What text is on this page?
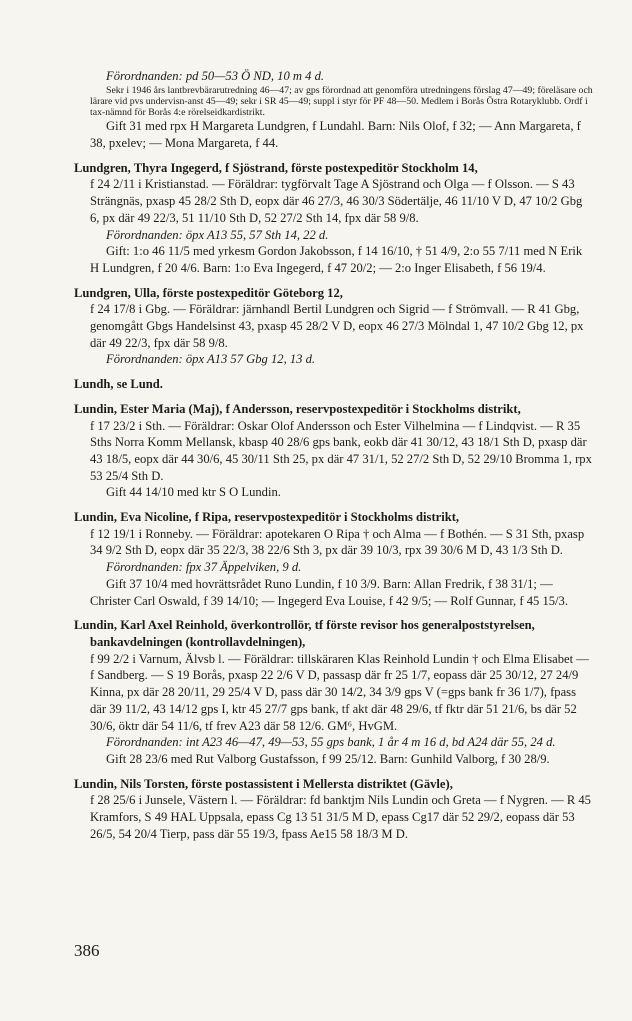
Förordnanden: pd 50—53 Ö ND, 10 m 4 d.
Sekr i 1946 års lantbrevbärarutredning 46—47; av gps förordnad att genomföra utredningens förslag 47—49; föreläsare och lärare vid pvs undervisn-anst 45—49; sekr i SR 45—49; suppl i styr för PF 48—50. Medlem i Borås Östra Rotaryklubb. Ordf i tax-nämnd för Borås 4:e rörelseidkardistrikt.
Gift 31 med rpx H Margareta Lundgren, f Lundahl. Barn: Nils Olof, f 32; — Ann Margareta, f 38, pxelev; — Mona Margareta, f 44.
Lundgren, Thyra Ingegerd, f Sjöstrand, förste postexpeditör Stockholm 14,
f 24 2/11 i Kristianstad. — Föräldrar: tygförvalt Tage A Sjöstrand och Olga — f Olsson. — S 43 Strängnäs, pxasp 45 28/2 Sth D, eopx där 46 27/3, 46 30/3 Södertälje, 46 11/10 V D, 47 10/2 Gbg 6, px där 49 22/3, 51 11/10 Sth D, 52 27/2 Sth 14, fpx där 58 9/8.
Förordnanden: öpx A13 55, 57 Sth 14, 22 d.
Gift: 1:o 46 11/5 med yrkesm Gordon Jakobsson, f 14 16/10, † 51 4/9, 2:o 55 7/11 med N Erik H Lundgren, f 20 4/6. Barn: 1:o Eva Ingegerd, f 47 20/2; — 2:o Inger Elisabeth, f 56 19/4.
Lundgren, Ulla, förste postexpeditör Göteborg 12,
f 24 17/8 i Gbg. — Föräldrar: järnhandl Bertil Lundgren och Sigrid — f Strömvall. — R 41 Gbg, genomgått Gbgs Handelsinst 43, pxasp 45 28/2 V D, eopx 46 27/3 Mölndal 1, 47 10/2 Gbg 12, px där 49 22/3, fpx där 58 9/8.
Förordnanden: öpx A13 57 Gbg 12, 13 d.
Lundh, se Lund.
Lundin, Ester Maria (Maj), f Andersson, reservpostexpeditör i Stockholms distrikt,
f 17 23/2 i Sth. — Föräldrar: Oskar Olof Andersson och Ester Vilhelmina — f Lindqvist. — R 35 Sths Norra Komm Mellansk, kbasp 40 28/6 gps bank, eokb där 41 30/12, 43 18/1 Sth D, pxasp där 43 18/5, eopx där 44 30/6, 45 30/11 Sth 25, px där 47 31/1, 52 27/2 Sth D, 52 29/10 Bromma 1, rpx 53 25/4 Sth D.
Gift 44 14/10 med ktr S O Lundin.
Lundin, Eva Nicoline, f Ripa, reservpostexpeditör i Stockholms distrikt,
f 12 19/1 i Ronneby. — Föräldrar: apotekaren O Ripa † och Alma — f Bothén. — S 31 Sth, pxasp 34 9/2 Sth D, eopx där 35 22/3, 38 22/6 Sth 3, px där 39 10/3, rpx 39 30/6 M D, 43 1/3 Sth D.
Förordnanden: fpx 37 Äppelviken, 9 d.
Gift 37 10/4 med hovrättsrådet Runo Lundin, f 10 3/9. Barn: Allan Fredrik, f 38 31/1; — Christer Carl Oswald, f 39 14/10; — Ingegerd Eva Louise, f 42 9/5; — Rolf Gunnar, f 45 15/3.
Lundin, Karl Axel Reinhold, överkontrollör, tf förste revisor hos generalpoststyrelsen, bankavdelningen (kontrollavdelningen),
f 99 2/2 i Varnum, Älvsb l. — Föräldrar: tillskäraren Klas Reinhold Lundin † och Elma Elisabet — f Sandberg. — S 19 Borås, pxasp 22 2/6 V D, passasp där fr 25 1/7, eopass där 25 30/12, 27 24/9 Kinna, px där 28 20/11, 29 25/4 V D, pass där 30 14/2, 34 3/9 gps V (=gps bank fr 36 1/7), fpass där 39 11/2, 43 14/12 gps I, ktr 45 27/7 gps bank, tf akt där 48 29/6, tf fktr där 51 21/6, bs där 52 30/6, öktr där 54 11/6, tf frev A23 där 58 12/6. GM⁶, HvGM.
Förordnanden: int A23 46—47, 49—53, 55 gps bank, 1 år 4 m 16 d, bd A24 där 55, 24 d.
Gift 28 23/6 med Rut Valborg Gustafsson, f 99 25/12. Barn: Gunhild Valborg, f 30 28/9.
Lundin, Nils Torsten, förste postassistent i Mellersta distriktet (Gävle),
f 28 25/6 i Junsele, Västern l. — Föräldrar: fd banktjm Nils Lundin och Greta — f Nygren. — R 45 Kramfors, S 49 HAL Uppsala, epass Cg 13 51 31/5 M D, epass Cg17 där 52 29/2, eopass där 53 26/5, 54 20/4 Tierp, pass där 55 19/3, fpass Ae15 58 18/3 M D.
386
